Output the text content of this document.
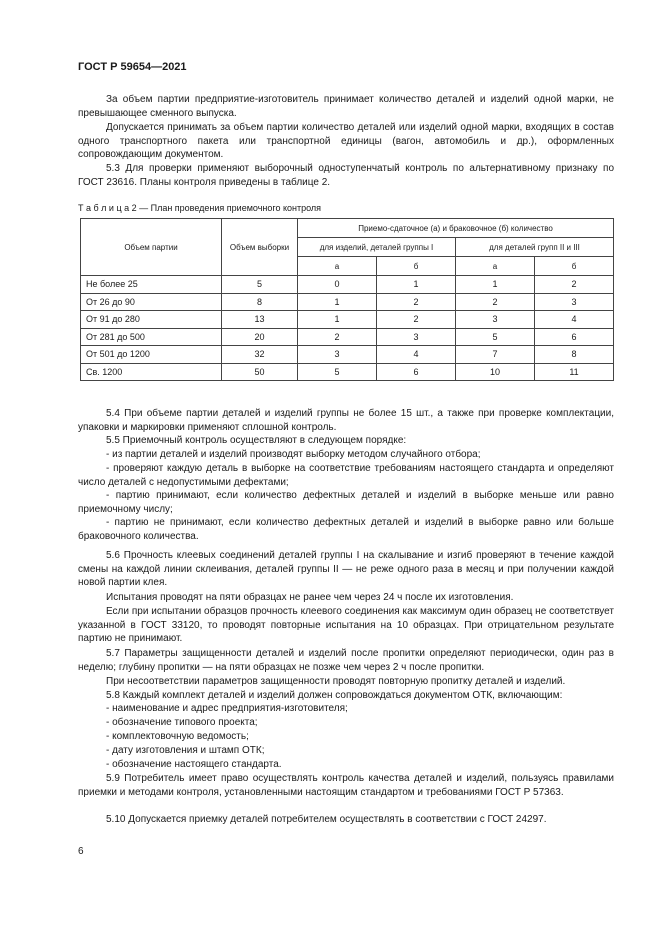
ГОСТ Р 59654—2021
За объем партии предприятие-изготовитель принимает количество деталей и изделий одной марки, не превышающее сменного выпуска.
Допускается принимать за объем партии количество деталей или изделий одной марки, входящих в состав одного транспортного пакета или транспортной единицы (вагон, автомобиль и др.), оформленных сопровождающим документом.
5.3 Для проверки применяют выборочный одноступенчатый контроль по альтернативному признаку по ГОСТ 23616. Планы контроля приведены в таблице 2.
Т а б л и ц а 2 — План проведения приемочного контроля
Объем партии	Объем выборки	Приемо-сдаточное (а) и браковочное (б) количество			
		для изделий, деталей группы I		для деталей групп II и III	
		а	б	а	б
Не более 25	5	0	1	1	2
От 26 до 90	8	1	2	2	3
От 91 до 280	13	1	2	3	4
От 281 до 500	20	2	3	5	6
От 501 до 1200	32	3	4	7	8
Св. 1200	50	5	6	10	11
5.4 При объеме партии деталей и изделий группы не более 15 шт., а также при проверке комплектации, упаковки и маркировки применяют сплошной контроль.
5.5 Приемочный контроль осуществляют в следующем порядке:
- из партии деталей и изделий производят выборку методом случайного отбора;
- проверяют каждую деталь в выборке на соответствие требованиям настоящего стандарта и определяют число деталей с недопустимыми дефектами;
- партию принимают, если количество дефектных деталей и изделий в выборке меньше или равно приемочному числу;
- партию не принимают, если количество дефектных деталей и изделий в выборке равно или больше браковочного количества.
5.6 Прочность клеевых соединений деталей группы I на скалывание и изгиб проверяют в течение каждой смены на каждой линии склеивания, деталей группы II — не реже одного раза в месяц и при получении каждой новой партии клея.
Испытания проводят на пяти образцах не ранее чем через 24 ч после их изготовления.
Если при испытании образцов прочность клеевого соединения как максимум один образец не соответствует указанной в ГОСТ 33120, то проводят повторные испытания на 10 образцах. При отрицательном результате партию не принимают.
5.7 Параметры защищенности деталей и изделий после пропитки определяют периодически, один раз в неделю; глубину пропитки — на пяти образцах не позже чем через 2 ч после пропитки.
При несоответствии параметров защищенности проводят повторную пропитку деталей и изделий.
5.8 Каждый комплект деталей и изделий должен сопровождаться документом ОТК, включающим:
- наименование и адрес предприятия-изготовителя;
- обозначение типового проекта;
- комплектовочную ведомость;
- дату изготовления и штамп ОТК;
- обозначение настоящего стандарта.
5.9 Потребитель имеет право осуществлять контроль качества деталей и изделий, пользуясь правилами приемки и методами контроля, установленными настоящим стандартом и требованиями ГОСТ Р 57363.
5.10 Допускается приемку деталей потребителем осуществлять в соответствии с ГОСТ 24297.
6
